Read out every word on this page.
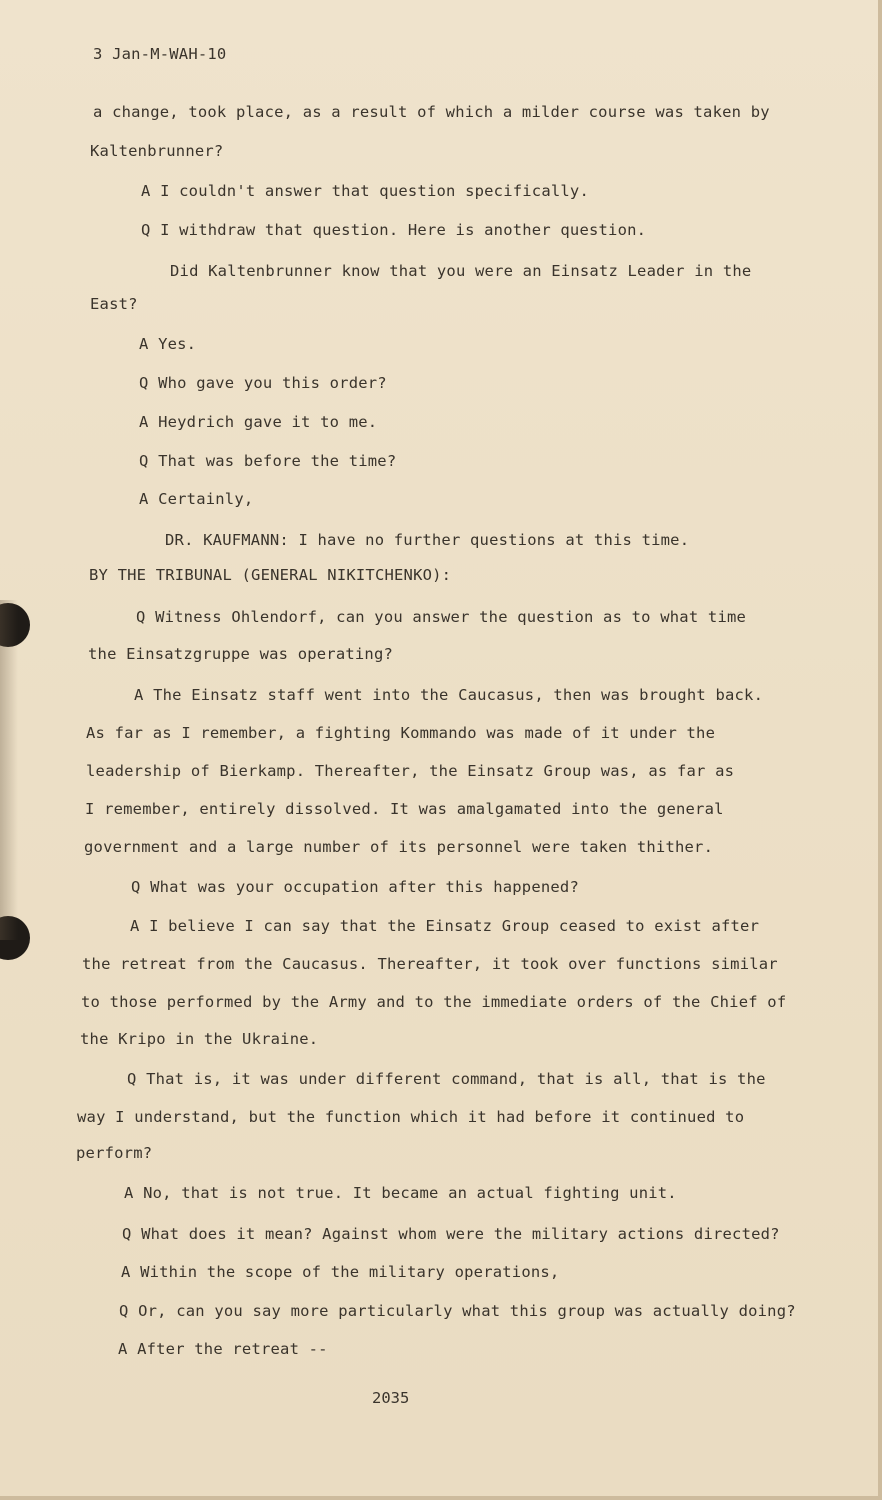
3 Jan-M-WAH-10
a change, took place, as a result of which a milder course was taken by
Kaltenbrunner?
A I couldn't answer that question specifically.
Q I withdraw that question. Here is another question.
Did Kaltenbrunner know that you were an Einsatz Leader in the
East?
A Yes.
Q Who gave you this order?
A Heydrich gave it to me.
Q That was before the time?
A Certainly,
DR. KAUFMANN: I have no further questions at this time.
BY THE TRIBUNAL (GENERAL NIKITCHENKO):
Q Witness Ohlendorf, can you answer the question as to what time
the Einsatzgruppe was operating?
A The Einsatz staff went into the Caucasus, then was brought back.
As far as I remember, a fighting Kommando was made of it under the
leadership of Bierkamp. Thereafter, the Einsatz Group was, as far as
I remember, entirely dissolved. It was amalgamated into the general
government and a large number of its personnel were taken thither.
Q What was your occupation after this happened?
A I believe I can say that the Einsatz Group ceased to exist after
the retreat from the Caucasus. Thereafter, it took over functions similar
to those performed by the Army and to the immediate orders of the Chief of
the Kripo in the Ukraine.
Q That is, it was under different command, that is all, that is the
way I understand, but the function which it had before it continued to
perform?
A No, that is not true. It became an actual fighting unit.
Q What does it mean? Against whom were the military actions directed?
A Within the scope of the military operations,
Q Or, can you say more particularly what this group was actually doing?
A After the retreat --
2035
